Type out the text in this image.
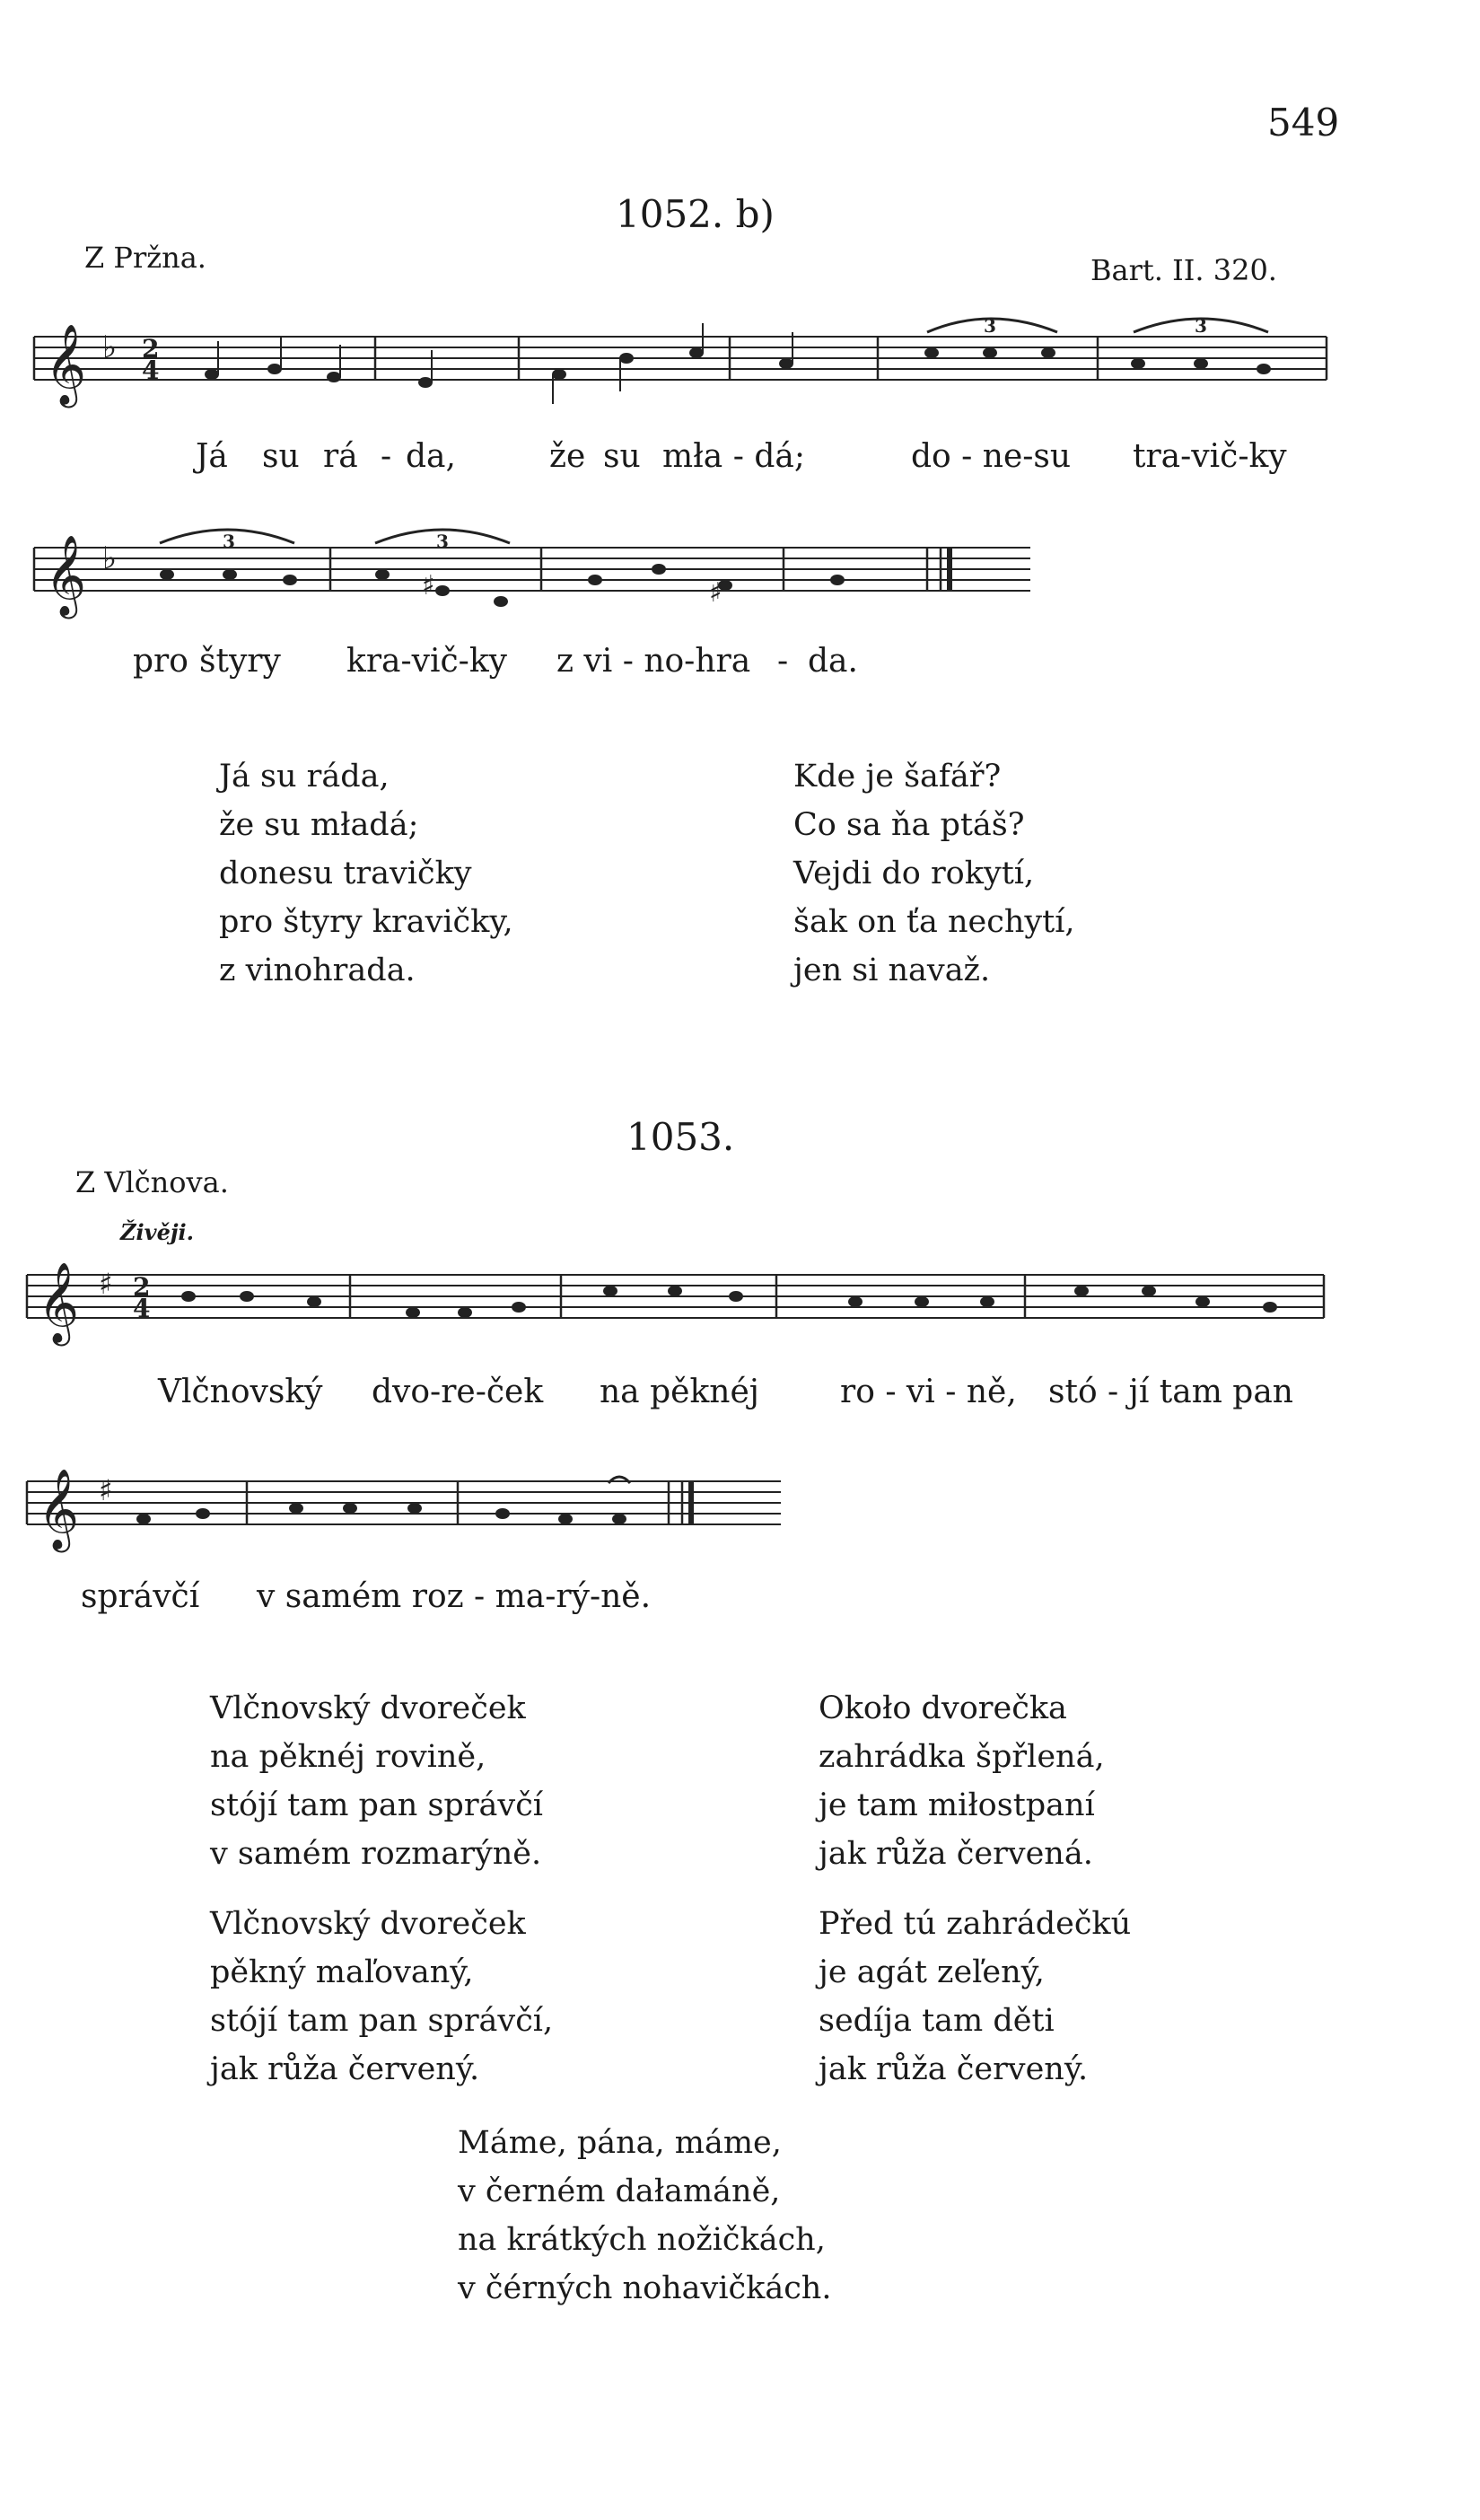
549
1052. b)
Z Pržna.	Bart. II. 320.
𝄞 ♭ 2
4
3	3
Já su rá - da,	že su mła - dá;	do - ne-su tra-vič-ky
𝄞 ♭	3	3
♯	♯
pro štyry kra-vič-ky z vi - no-hra - da.
Já su ráda,
že su mładá;
donesu travičky
pro štyry kravičky,
z vinohrada.
Kde je šafář?
Co sa ňa ptáš?
Vejdi do rokytí,
šak on ťa nechytí,
jen si navaž.
1053.
Z Vlčnova.
Živěji.
𝄞 ♯ 2
4
Vlčnovský dvo-re-ček na pěknéj	ro - vi - ně, stó - jí tam pan
𝄞 ♯
správčí v samém roz - ma-rý-ně.
Vlčnovský dvoreček
na pěknéj rovině,
stójí tam pan správčí
v samém rozmarýně.
Około dvorečka
zahrádka špřlená,
je tam miłostpaní
jak růža červená.
Vlčnovský dvoreček
pěkný maľovaný,
stójí tam pan správčí,
jak růža červený.
Před tú zahrádečkú
je agát zeľený,
sedíja tam děti
jak růža červený.
Máme, pána, máme,
v černém dałamáně,
na krátkých nožičkách,
v čérných nohavičkách.
